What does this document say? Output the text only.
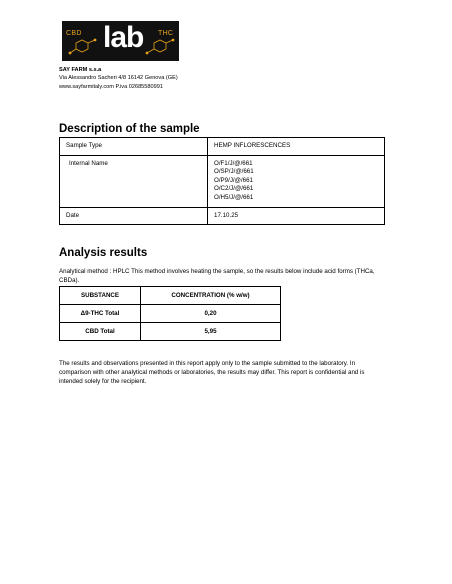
CBD lab THC
SAY FARM s.s.a
Via Alessandro Sacheri 4/8 16142 Genova (GE)
www.sayfarmitaly.com P.iva 02685580991
Description of the sample
Sample Type	HEMP INFLORESCENCES
Internal Name	O/F1/J/@/661
O/SP/J/@/661
O/P9/J/@/661
O/C2/J/@/661
O/H5/J/@/661

Date	17.10.25
Analysis results
Analytical method : HPLC This method involves heating the sample, so the results below include acid forms (THCa, CBDa).
SUBSTANCE	CONCENTRATION (% w/w)
Δ9-THC Total	0,20
CBD Total	5,95
The results and observations presented in this report apply only to the sample submitted to the laboratory. In comparison with other analytical methods or laboratories, the results may differ. This report is confidential and is intended solely for the recipient.
